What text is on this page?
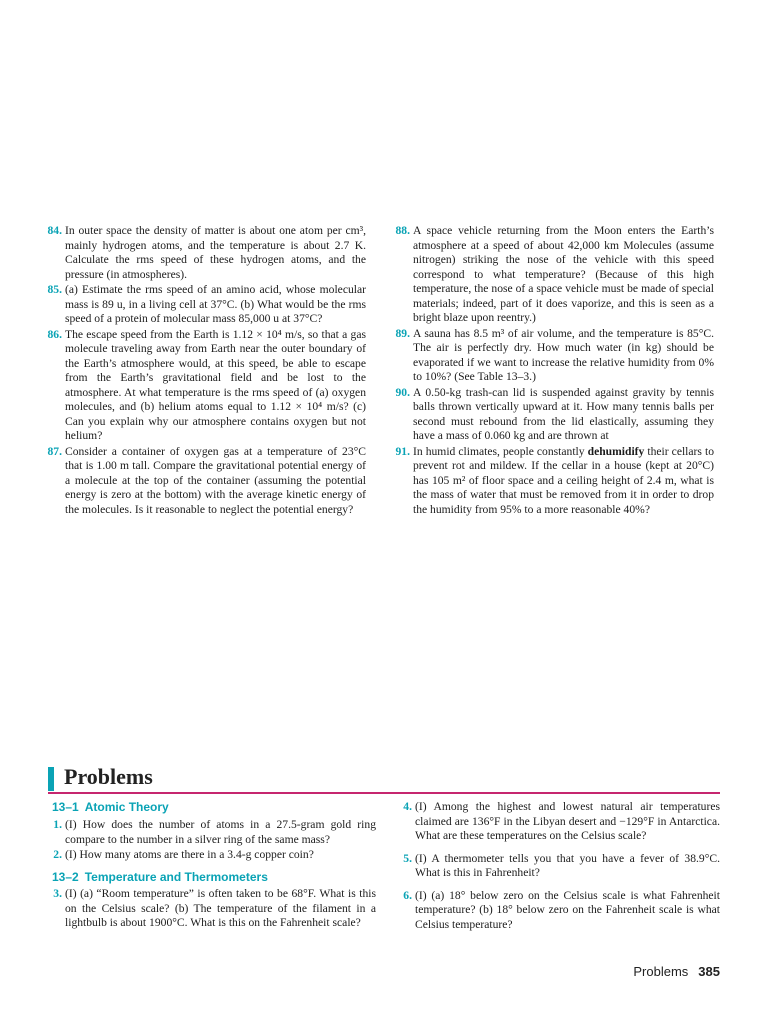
84. In outer space the density of matter is about one atom per cm³, mainly hydrogen atoms, and the temperature is about 2.7 K. Calculate the rms speed of these hydrogen atoms, and the pressure (in atmospheres).

85. (a) Estimate the rms speed of an amino acid, whose molecular mass is 89 u, in a living cell at 37°C. (b) What would be the rms speed of a protein of molecular mass 85,000 u at 37°C?

86. The escape speed from the Earth is 1.12 × 10⁴ m/s, so that a gas molecule traveling away from Earth near the outer boundary of the Earth’s atmosphere would, at this speed, be able to escape from the Earth’s gravitational field and be lost to the atmosphere. At what temperature is the rms speed of (a) oxygen molecules, and (b) helium atoms equal to 1.12 × 10⁴ m/s? (c) Can you explain why our atmosphere contains oxygen but not helium?

87. Consider a container of oxygen gas at a temperature of 23°C that is 1.00 m tall. Compare the gravitational potential energy of a molecule at the top of the container (assuming the potential energy is zero at the bottom) with the average kinetic energy of the molecules. Is it reasonable to neglect the potential energy?

88. A space vehicle returning from the Moon enters the Earth’s atmosphere at a speed of about 42,000 km Molecules (assume nitrogen) striking the nose of the vehicle with this speed correspond to what temperature? (Because of this high temperature, the nose of a space vehicle must be made of special materials; indeed, part of it does vaporize, and this is seen as a bright blaze upon reentry.)

89. A sauna has 8.5 m³ of air volume, and the temperature is 85°C. The air is perfectly dry. How much water (in kg) should be evaporated if we want to increase the relative humidity from 0% to 10%? (See Table 13–3.)

90. A 0.50-kg trash-can lid is suspended against gravity by tennis balls thrown vertically upward at it. How many tennis balls per second must rebound from the lid elastically, assuming they have a mass of 0.060 kg and are thrown at

91. In humid climates, people constantly dehumidify their cellars to prevent rot and mildew. If the cellar in a house (kept at 20°C) has 105 m² of floor space and a ceiling height of 2.4 m, what is the mass of water that must be removed from it in order to drop the humidity from 95% to a more reasonable 40%?

Problems
13–1 Atomic Theory

1. (I) How does the number of atoms in a 27.5-gram gold ring compare to the number in a silver ring of the same mass?

2. (I) How many atoms are there in a 3.4-g copper coin?

13–2 Temperature and Thermometers

3. (I) (a) “Room temperature” is often taken to be 68°F. What is this on the Celsius scale? (b) The temperature of the filament in a lightbulb is about 1900°C. What is this on the Fahrenheit scale?

4. (I) Among the highest and lowest natural air temperatures claimed are 136°F in the Libyan desert and −129°F in Antarctica. What are these temperatures on the Celsius scale?

5. (I) A thermometer tells you that you have a fever of 38.9°C. What is this in Fahrenheit?

6. (I) (a) 18° below zero on the Celsius scale is what Fahrenheit temperature? (b) 18° below zero on the Fahrenheit scale is what Celsius temperature?

Problems 385
